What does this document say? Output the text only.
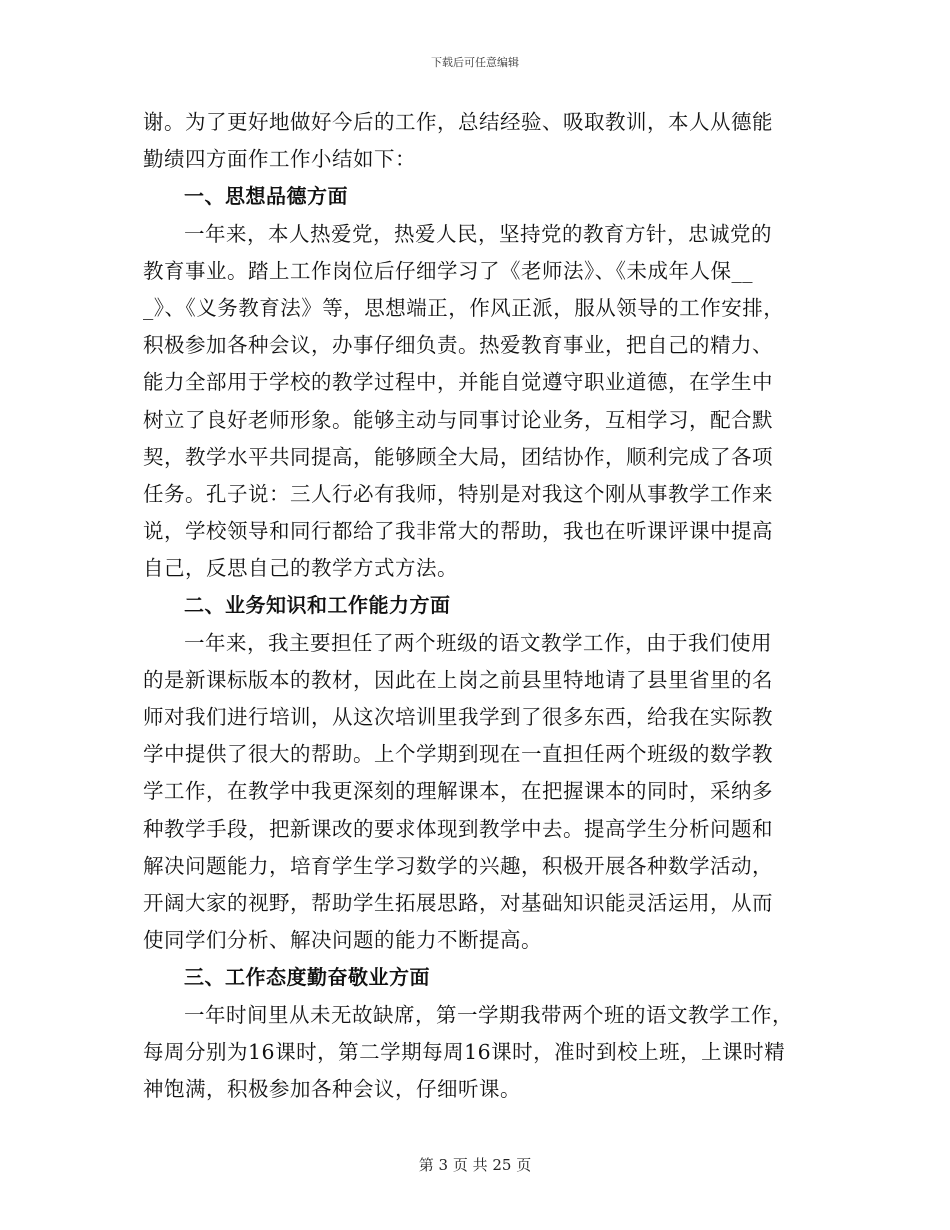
下载后可任意编辑
谢。为了更好地做好今后的工作，总结经验、吸取教训，本人从德能
勤绩四方面作工作小结如下：
一、思想品德方面
一年来，本人热爱党，热爱人民，坚持党的教育方针，忠诚党的
教育事业。踏上工作岗位后仔细学习了《老师法》、《未成年人保__
_》、《义务教育法》等，思想端正，作风正派，服从领导的工作安排，
积极参加各种会议，办事仔细负责。热爱教育事业，把自己的精力、
能力全部用于学校的教学过程中，并能自觉遵守职业道德，在学生中
树立了良好老师形象。能够主动与同事讨论业务，互相学习，配合默
契，教学水平共同提高，能够顾全大局，团结协作，顺利完成了各项
任务。孔子说：三人行必有我师，特别是对我这个刚从事教学工作来
说，学校领导和同行都给了我非常大的帮助，我也在听课评课中提高
自己，反思自己的教学方式方法。
二、业务知识和工作能力方面
一年来，我主要担任了两个班级的语文教学工作，由于我们使用
的是新课标版本的教材，因此在上岗之前县里特地请了县里省里的名
师对我们进行培训，从这次培训里我学到了很多东西，给我在实际教
学中提供了很大的帮助。上个学期到现在一直担任两个班级的数学教
学工作，在教学中我更深刻的理解课本，在把握课本的同时，采纳多
种教学手段，把新课改的要求体现到教学中去。提高学生分析问题和
解决问题能力，培育学生学习数学的兴趣，积极开展各种数学活动，
开阔大家的视野，帮助学生拓展思路，对基础知识能灵活运用，从而
使同学们分析、解决问题的能力不断提高。
三、工作态度勤奋敬业方面
一年时间里从未无故缺席，第一学期我带两个班的语文教学工作，
每周分别为16课时，第二学期每周16课时，准时到校上班，上课时精
神饱满，积极参加各种会议，仔细听课。
第 3 页 共 25 页
